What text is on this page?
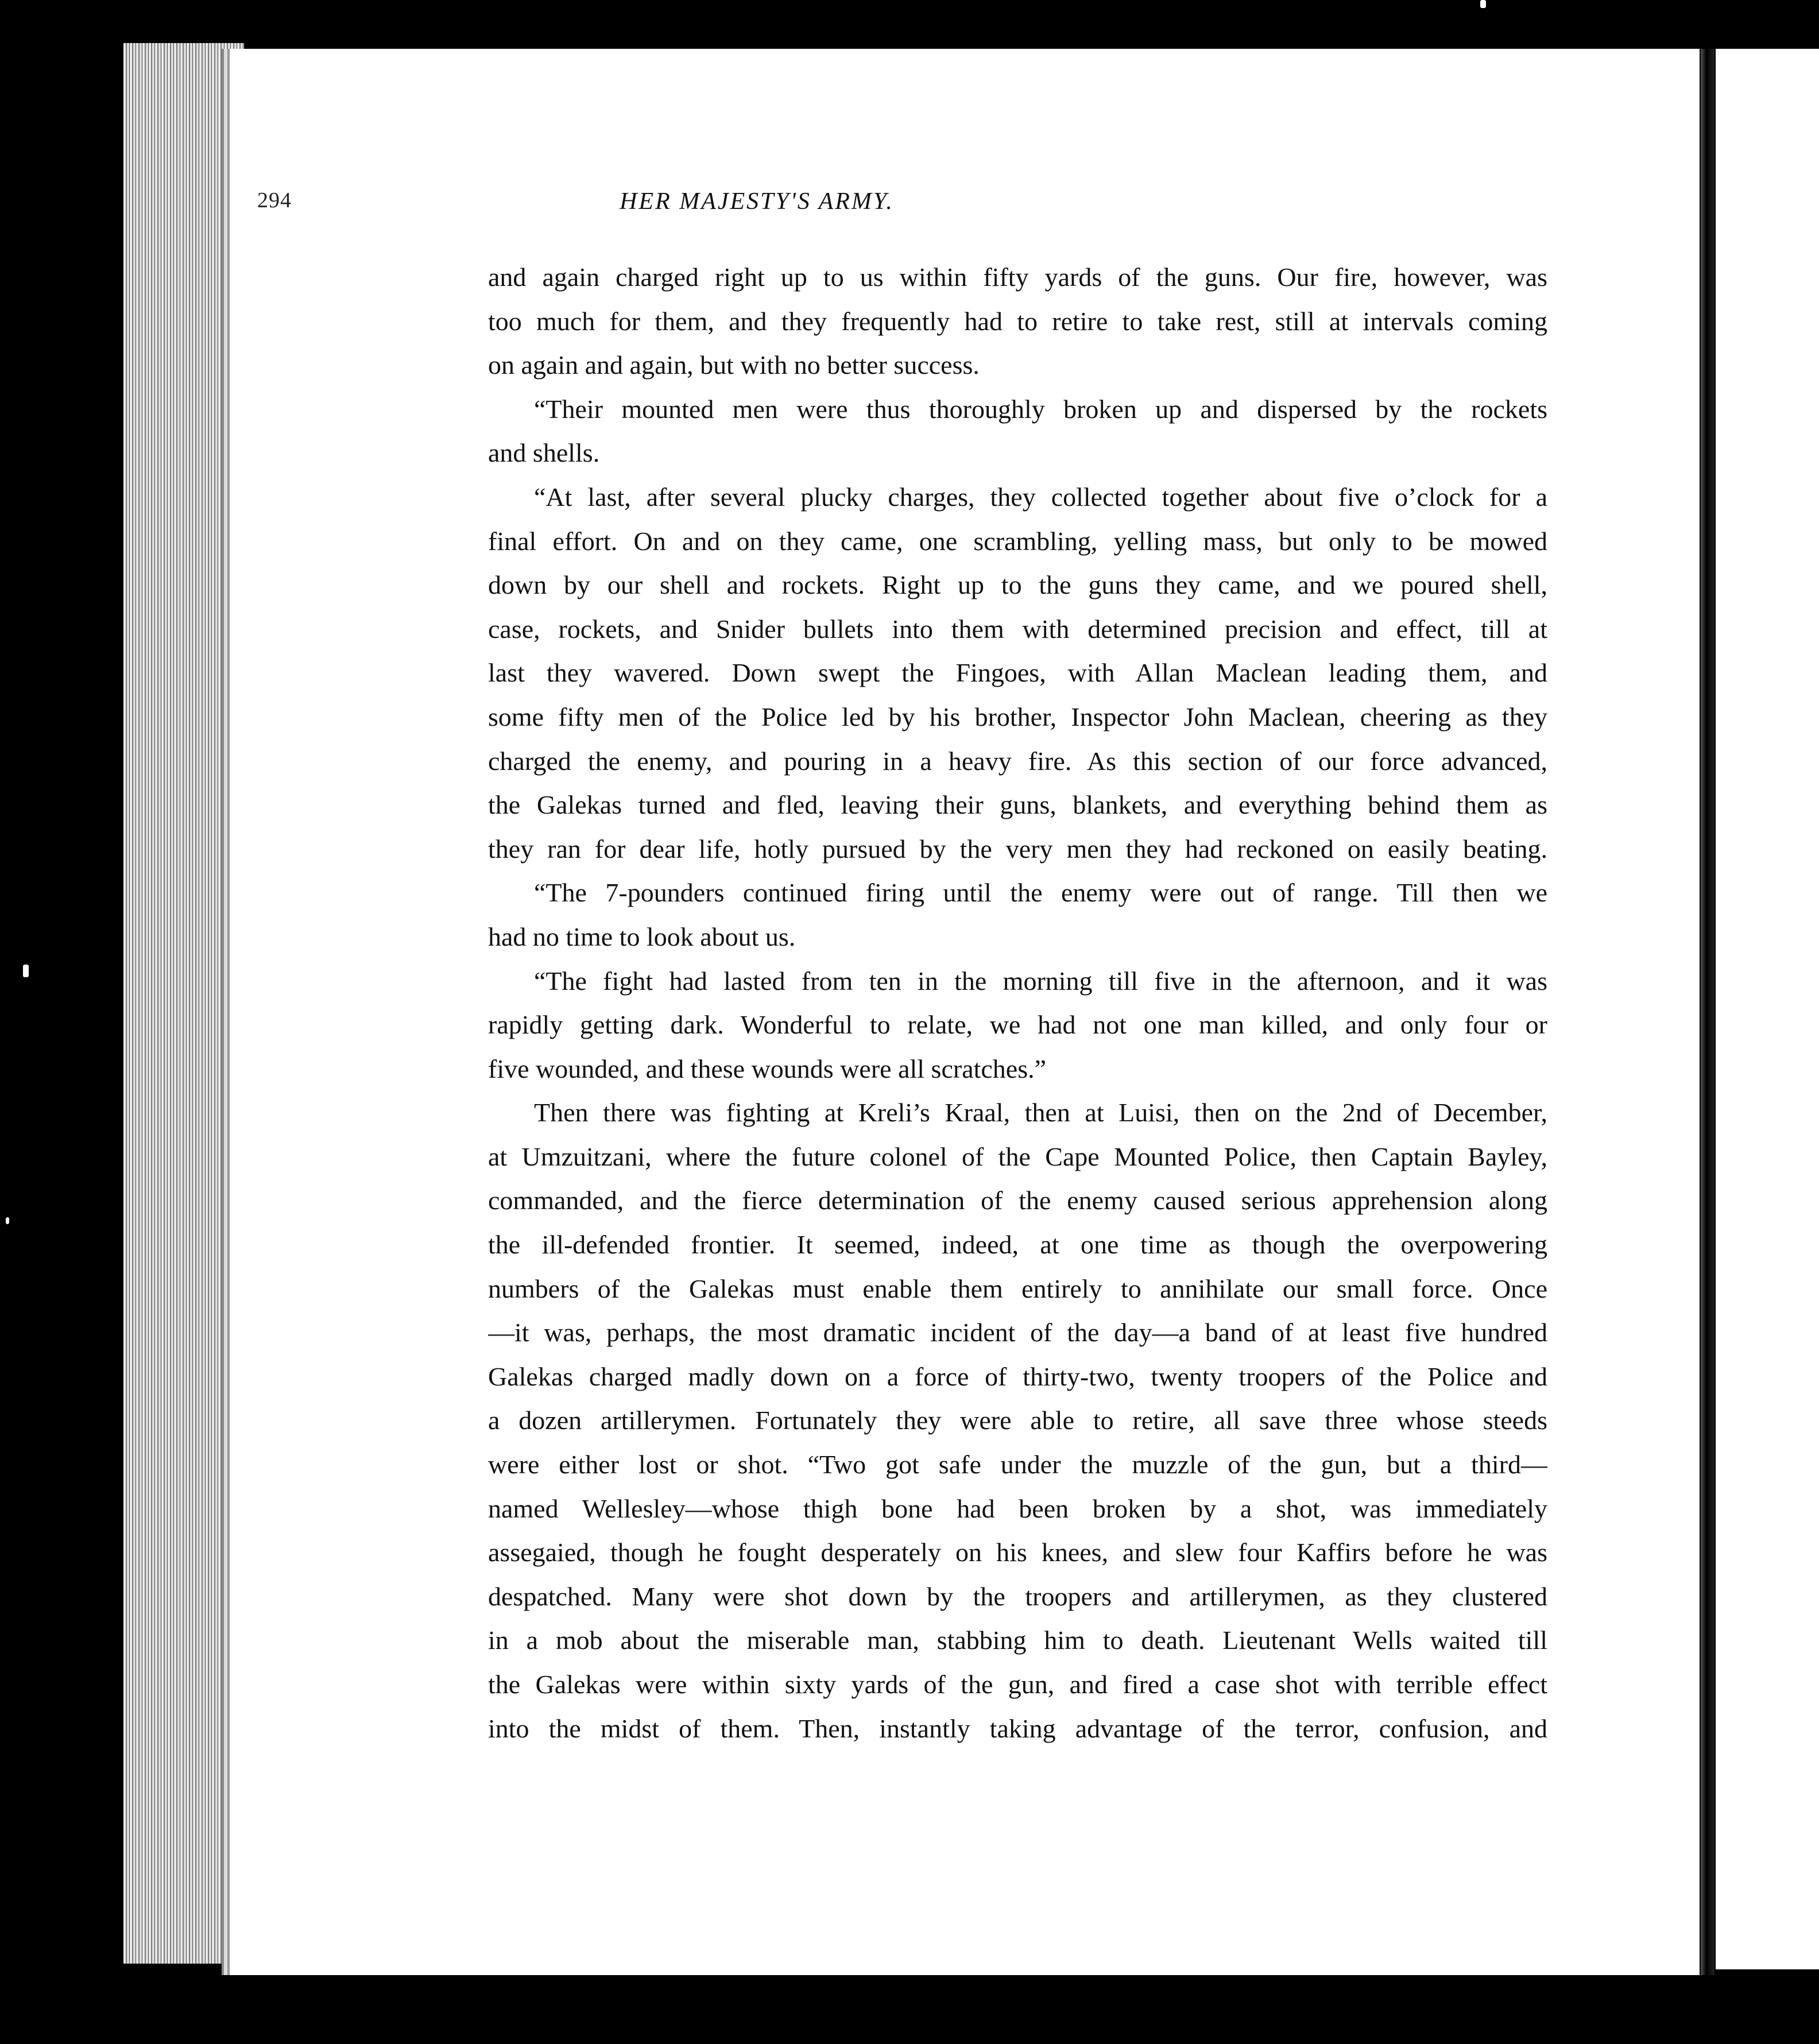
294	HER MAJESTY'S ARMY.
and again charged right up to us within fifty yards of the guns. Our fire, however, was
too much for them, and they frequently had to retire to take rest, still at intervals coming
on again and again, but with no better success.
“Their mounted men were thus thoroughly broken up and dispersed by the rockets
and shells.
“At last, after several plucky charges, they collected together about five o’clock for a
final effort. On and on they came, one scrambling, yelling mass, but only to be mowed
down by our shell and rockets. Right up to the guns they came, and we poured shell,
case, rockets, and Snider bullets into them with determined precision and effect, till at
last they wavered. Down swept the Fingoes, with Allan Maclean leading them, and
some fifty men of the Police led by his brother, Inspector John Maclean, cheering as they
charged the enemy, and pouring in a heavy fire. As this section of our force advanced,
the Galekas turned and fled, leaving their guns, blankets, and everything behind them as
they ran for dear life, hotly pursued by the very men they had reckoned on easily beating.
“The 7-pounders continued firing until the enemy were out of range. Till then we
had no time to look about us.
“The fight had lasted from ten in the morning till five in the afternoon, and it was
rapidly getting dark. Wonderful to relate, we had not one man killed, and only four or
five wounded, and these wounds were all scratches.”
Then there was fighting at Kreli’s Kraal, then at Luisi, then on the 2nd of December,
at Umzuitzani, where the future colonel of the Cape Mounted Police, then Captain Bayley,
commanded, and the fierce determination of the enemy caused serious apprehension along
the ill-defended frontier. It seemed, indeed, at one time as though the overpowering
numbers of the Galekas must enable them entirely to annihilate our small force. Once
—it was, perhaps, the most dramatic incident of the day—a band of at least five hundred
Galekas charged madly down on a force of thirty-two, twenty troopers of the Police and
a dozen artillerymen. Fortunately they were able to retire, all save three whose steeds
were either lost or shot. “Two got safe under the muzzle of the gun, but a third—
named Wellesley—whose thigh bone had been broken by a shot, was immediately
assegaied, though he fought desperately on his knees, and slew four Kaffirs before he was
despatched. Many were shot down by the troopers and artillerymen, as they clustered
in a mob about the miserable man, stabbing him to death. Lieutenant Wells waited till
the Galekas were within sixty yards of the gun, and fired a case shot with terrible effect
into the midst of them. Then, instantly taking advantage of the terror, confusion, and
